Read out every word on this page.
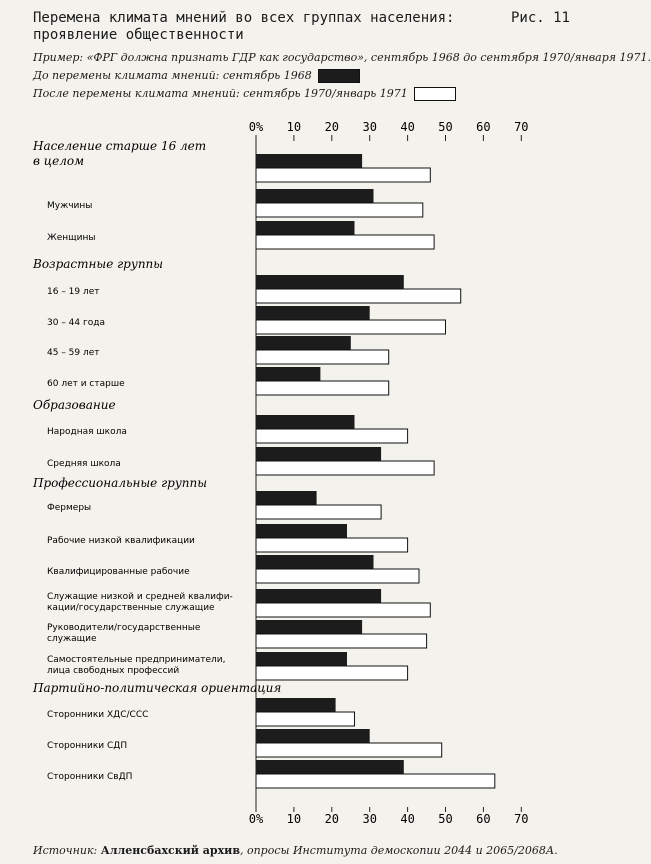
Перемена климата мнений во всех группах населения:
проявление общественности
Рис. 11
Пример: «ФРГ должна признать ГДР как государство», сентябрь 1968 до сентября 1970/января 1971.
До перемены климата мнений: сентябрь 1968
После перемены климата мнений: сентябрь 1970/январь 1971
0% 10 20 30 40 50 60 70
0% 10 20 30 40 50 60 70
Население старше 16 лет
в целом
Мужчины
Женщины
Возрастные группы
16 – 19 лет
30 – 44 года
45 – 59 лет
60 лет и старше
Образование
Народная школа
Средняя школа
Профессиональные группы
Фермеры
Рабочие низкой квалификации
Квалифицированные рабочие
Служащие низкой и средней квалифи-
кации/государственные служащие
Руководители/государственные
служащие
Самостоятельные предприниматели,
лица свободных профессий
Партийно-политическая ориентация
Сторонники ХДС/ССС
Сторонники СДП
Сторонники СвДП
Источник: Алленсбахский архив, опросы Института демоскопии 2044 и 2065/2068А.
